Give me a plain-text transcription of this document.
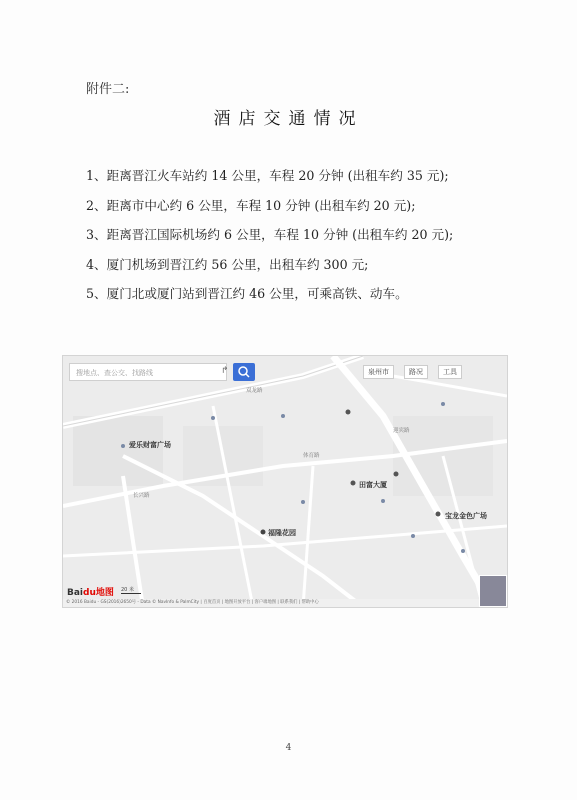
附件二:
酒店交通情况
1、距离晋江火车站约 14 公里，车程 20 分钟 (出租车约 35 元);
2、距离市中心约 6 公里，车程 10 分钟 (出租车约 20 元);
3、距离晋江国际机场约 6 公里，车程 10 分钟 (出租车约 20 元);
4、厦门机场到晋江约 56 公里，出租车约 300 元;
5、厦门北或厦门站到晋江约 46 公里，可乘高铁、动车。
搜地点、查公交、找路线	↱	泉州市	路况	工具
爱乐财富广场
双龙路
福隆花园
田富大厦
宝龙金色广场
迎宾路
体育路
长兴路
Baidu地图 20 米
© 2016 Baidu - GS(2016)2650号 - Data © NavInfo & PalmCity | 百度首页 | 地图开放平台 | 客户端地图 | 联系我们 | 帮助中心
4
